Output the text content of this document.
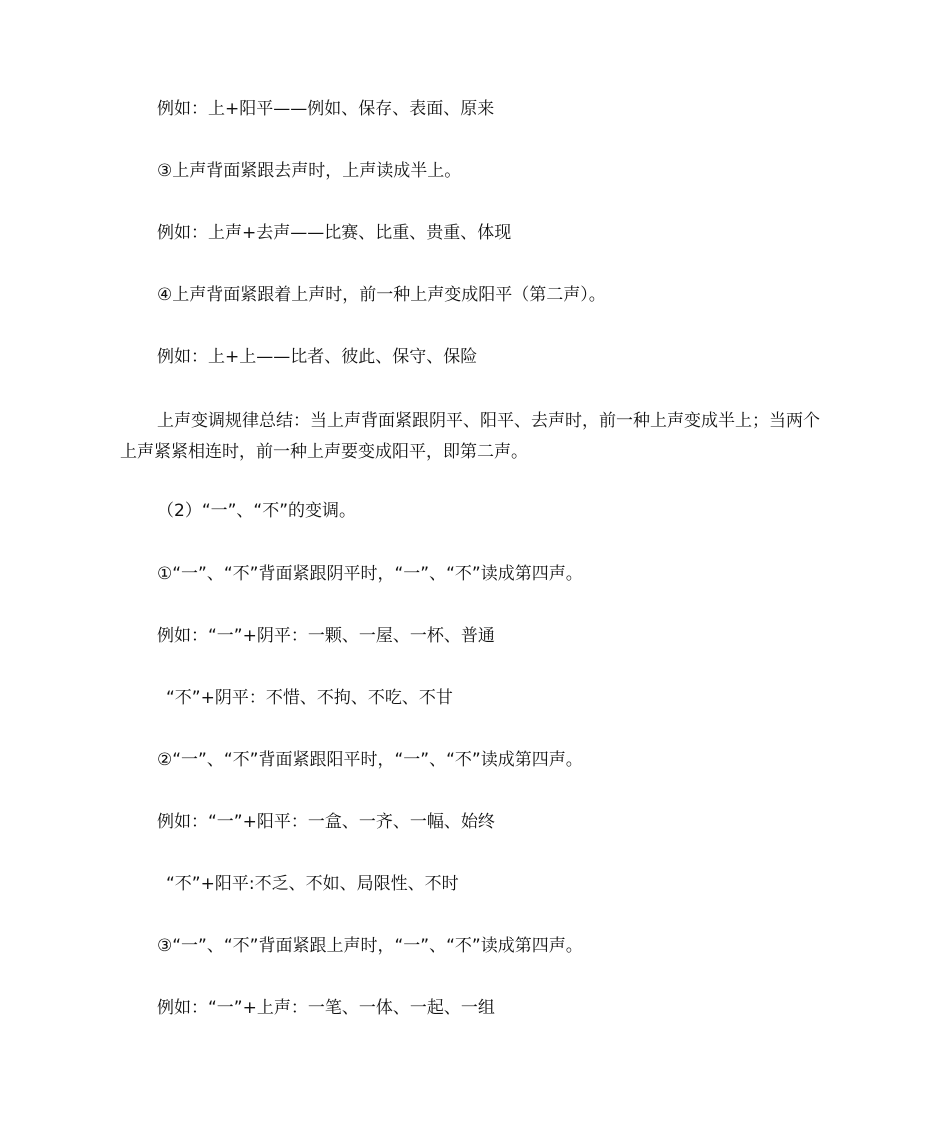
例如：上+阳平——例如、保存、表面、原来
③上声背面紧跟去声时，上声读成半上。
例如：上声+去声——比赛、比重、贵重、体现
④上声背面紧跟着上声时，前一种上声变成阳平（第二声）。
例如：上+上——比者、彼此、保守、保险
上声变调规律总结：当上声背面紧跟阴平、阳平、去声时，前一种上声变成半上；当两个上声紧紧相连时，前一种上声要变成阳平，即第二声。
（2）“一”、“不”的变调。
①“一”、“不”背面紧跟阴平时，“一”、“不”读成第四声。
例如：“一”+阴平：一颗、一屋、一杯、普通
“不”+阴平：不惜、不拘、不吃、不甘
②“一”、“不”背面紧跟阳平时，“一”、“不”读成第四声。
例如：“一”+阳平：一盒、一齐、一幅、始终
“不”+阳平:不乏、不如、局限性、不时
③“一”、“不”背面紧跟上声时，“一”、“不”读成第四声。
例如：“一”+上声：一笔、一体、一起、一组
